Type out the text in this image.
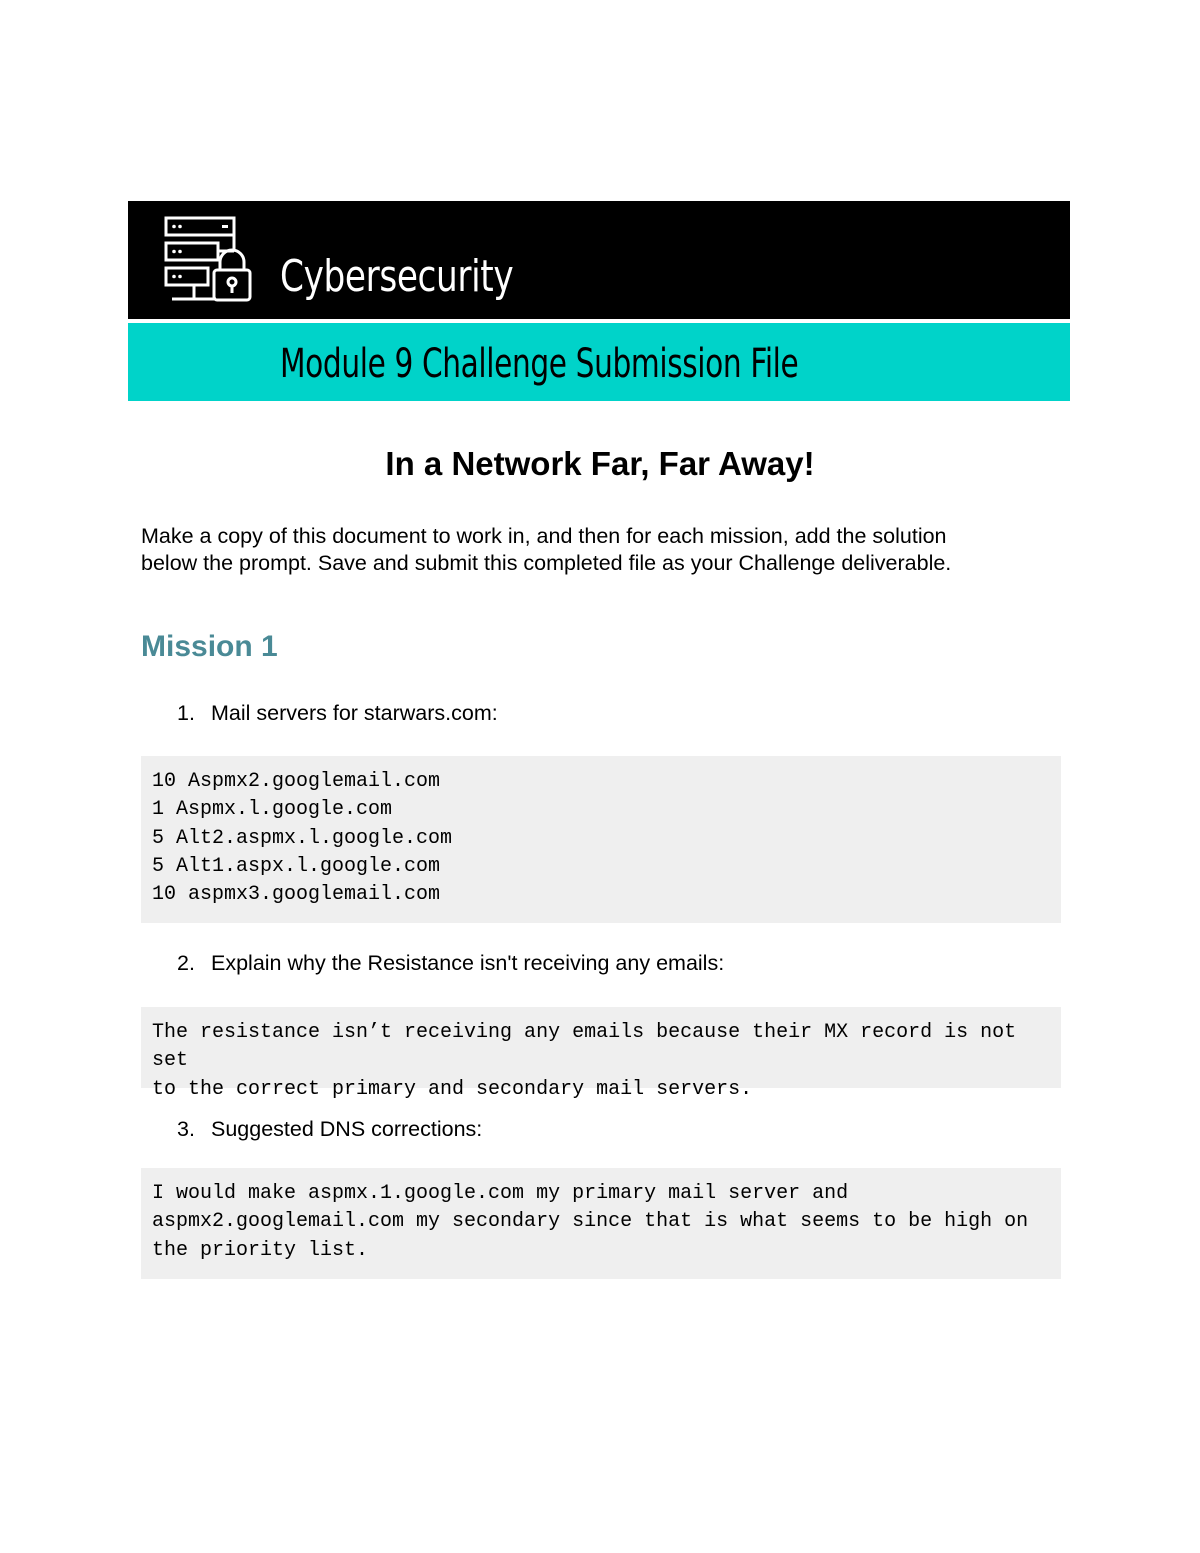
Cybersecurity
Module 9 Challenge Submission File
In a Network Far, Far Away!
Make a copy of this document to work in, and then for each mission, add the solution
below the prompt. Save and submit this completed file as your Challenge deliverable.
Mission 1
1. Mail servers for starwars.com:
10 Aspmx2.googlemail.com
1 Aspmx.l.google.com
5 Alt2.aspmx.l.google.com
5 Alt1.aspx.l.google.com
10 aspmx3.googlemail.com
2. Explain why the Resistance isn't receiving any emails:
The resistance isn’t receiving any emails because their MX record is not set
to the correct primary and secondary mail servers.
3. Suggested DNS corrections:
I would make aspmx.1.google.com my primary mail server and
aspmx2.googlemail.com my secondary since that is what seems to be high on
the priority list.
